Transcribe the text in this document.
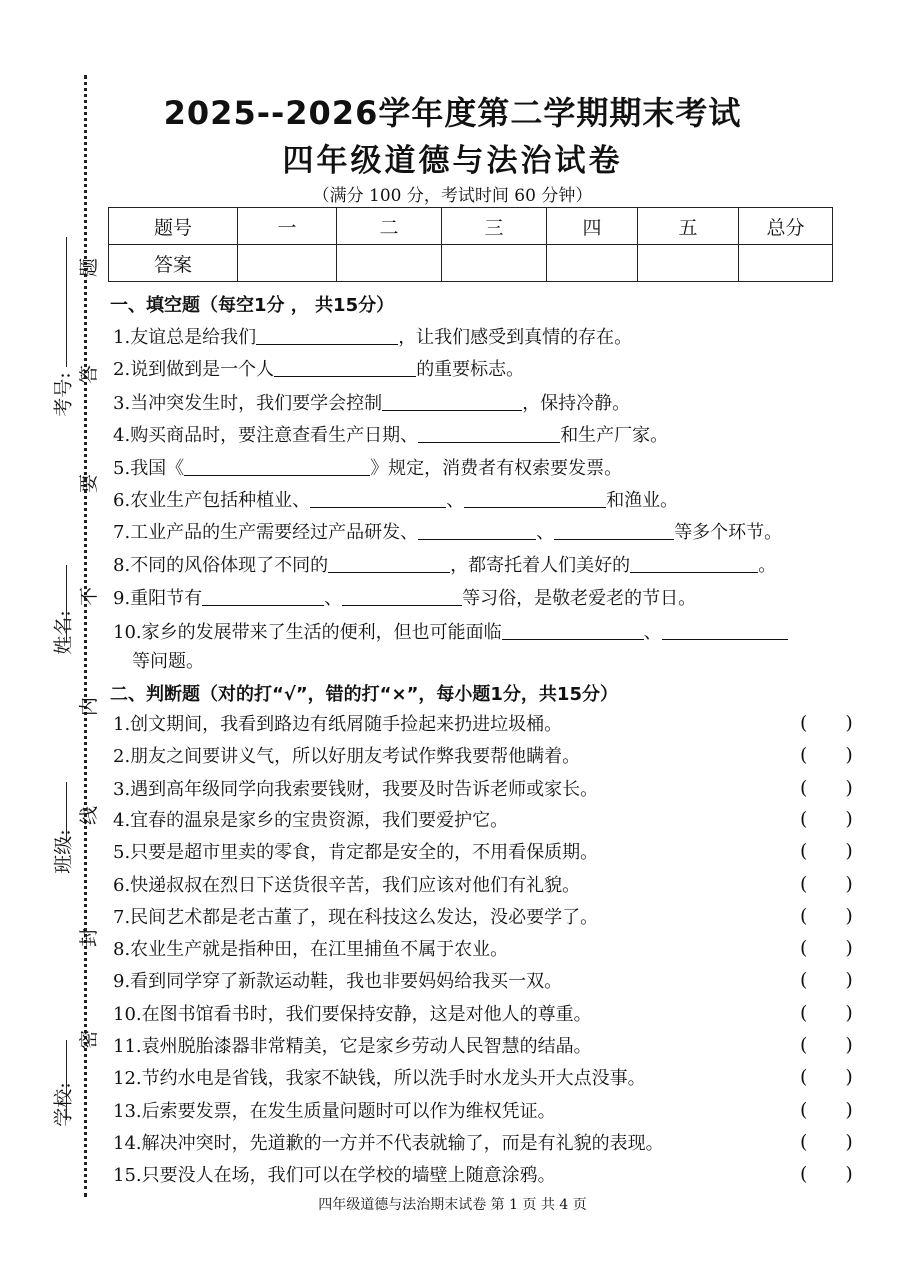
学校:
班级:
姓名:
考号:
密
封
线
内
不
要
答
题
2025--2026学年度第二学期期末考试
四年级道德与法治试卷
（满分 100 分，考试时间 60 分钟）
题号	一	二	三	四	五	总分
答案						
一、填空题（每空1分 ， 共15分）
1.友谊总是给我们	，让我们感受到真情的存在。
2.说到做到是一个人	的重要标志。
3.当冲突发生时，我们要学会控制	，保持冷静。
4.购买商品时，要注意查看生产日期、	和生产厂家。
5.我国《	》规定，消费者有权索要发票。
6.农业生产包括种植业、	、	和渔业。
7.工业产品的生产需要经过产品研发、	、	等多个环节。
8.不同的风俗体现了不同的	，都寄托着人们美好的	。
9.重阳节有	、	等习俗，是敬老爱老的节日。
10.家乡的发展带来了生活的便利，但也可能面临	、
等问题。
二、判断题（对的打“√”，错的打“×”，每小题1分，共15分）
1.创文期间，我看到路边有纸屑随手捡起来扔进垃圾桶。	(　　)
2.朋友之间要讲义气，所以好朋友考试作弊我要帮他瞒着。	(　　)
3.遇到高年级同学向我索要钱财，我要及时告诉老师或家长。	(　　)
4.宜春的温泉是家乡的宝贵资源，我们要爱护它。	(　　)
5.只要是超市里卖的零食，肯定都是安全的，不用看保质期。	(　　)
6.快递叔叔在烈日下送货很辛苦，我们应该对他们有礼貌。	(　　)
7.民间艺术都是老古董了，现在科技这么发达，没必要学了。	(　　)
8.农业生产就是指种田，在江里捕鱼不属于农业。	(　　)
9.看到同学穿了新款运动鞋，我也非要妈妈给我买一双。	(　　)
10.在图书馆看书时，我们要保持安静，这是对他人的尊重。	(　　)
11.袁州脱胎漆器非常精美，它是家乡劳动人民智慧的结晶。	(　　)
12.节约水电是省钱，我家不缺钱，所以洗手时水龙头开大点没事。	(　　)
13.后索要发票，在发生质量问题时可以作为维权凭证。	(　　)
14.解决冲突时，先道歉的一方并不代表就输了，而是有礼貌的表现。	(　　)
15.只要没人在场，我们可以在学校的墙壁上随意涂鸦。	(　　)
四年级道德与法治期末试卷 第 1 页 共 4 页
